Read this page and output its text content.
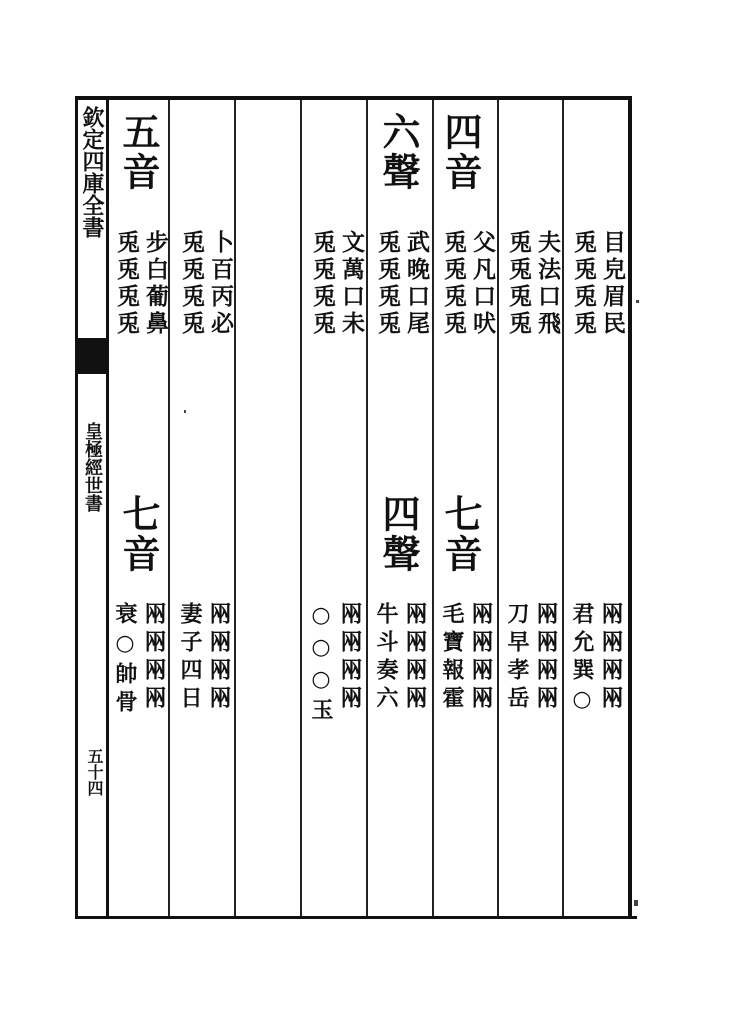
欽定四庫全書
皇極經世書
五十四
五音	六聲 四音
七音	四聲 七音
目皃眉民
兎兎兎兎
夫法口飛
兎兎兎兎
父凡口吠
兎兎兎兎
武晚口尾
兎兎兎兎
文萬口未
兎兎兎兎
卜百丙必
兎兎兎兎
步白葡鼻
兎兎兎兎
㒳㒳㒳㒳
君允巽○
㒳㒳㒳㒳
刀早孝岳
㒳㒳㒳㒳
毛寶報霍
㒳㒳㒳㒳
牛斗奏六
㒳㒳㒳㒳
○○○玉
㒳㒳㒳㒳
妻子四日
㒳㒳㒳㒳
衰○帥骨
